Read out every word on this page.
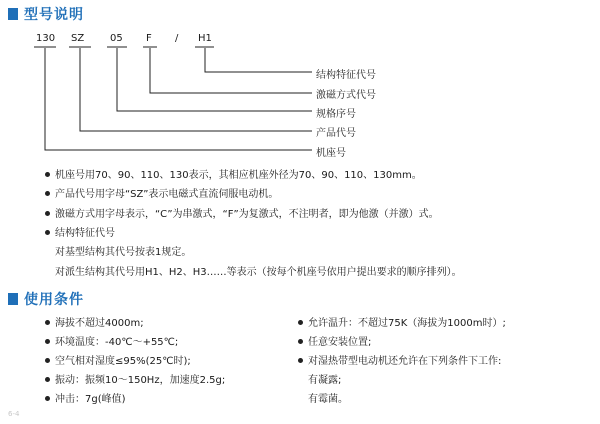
型号说明
130 SZ	05 F / H1
结构特征代号
激磁方式代号
规格序号
产品代号
机座号
机座号用70、90、110、130表示，其相应机座外径为70、90、110、130mm。
产品代号用字母“SZ”表示电磁式直流伺服电动机。
激磁方式用字母表示，“C”为串激式，“F”为复激式，不注明者，即为他激（并激）式。
结构特征代号
对基型结构其代号按表1规定。
对派生结构其代号用H1、H2、H3……等表示（按每个机座号依用户提出要求的顺序排列）。
使用条件
海拔不超过4000m;
环境温度：-40℃～+55℃;
空气相对湿度≤95%(25℃时);
振动：振频10～150Hz，加速度2.5g;
冲击：7g(峰值)
允许温升：不超过75K（海拔为1000m时）;
任意安装位置;
对湿热带型电动机还允许在下列条件下工作:
有凝露;
有霉菌。
6-4
